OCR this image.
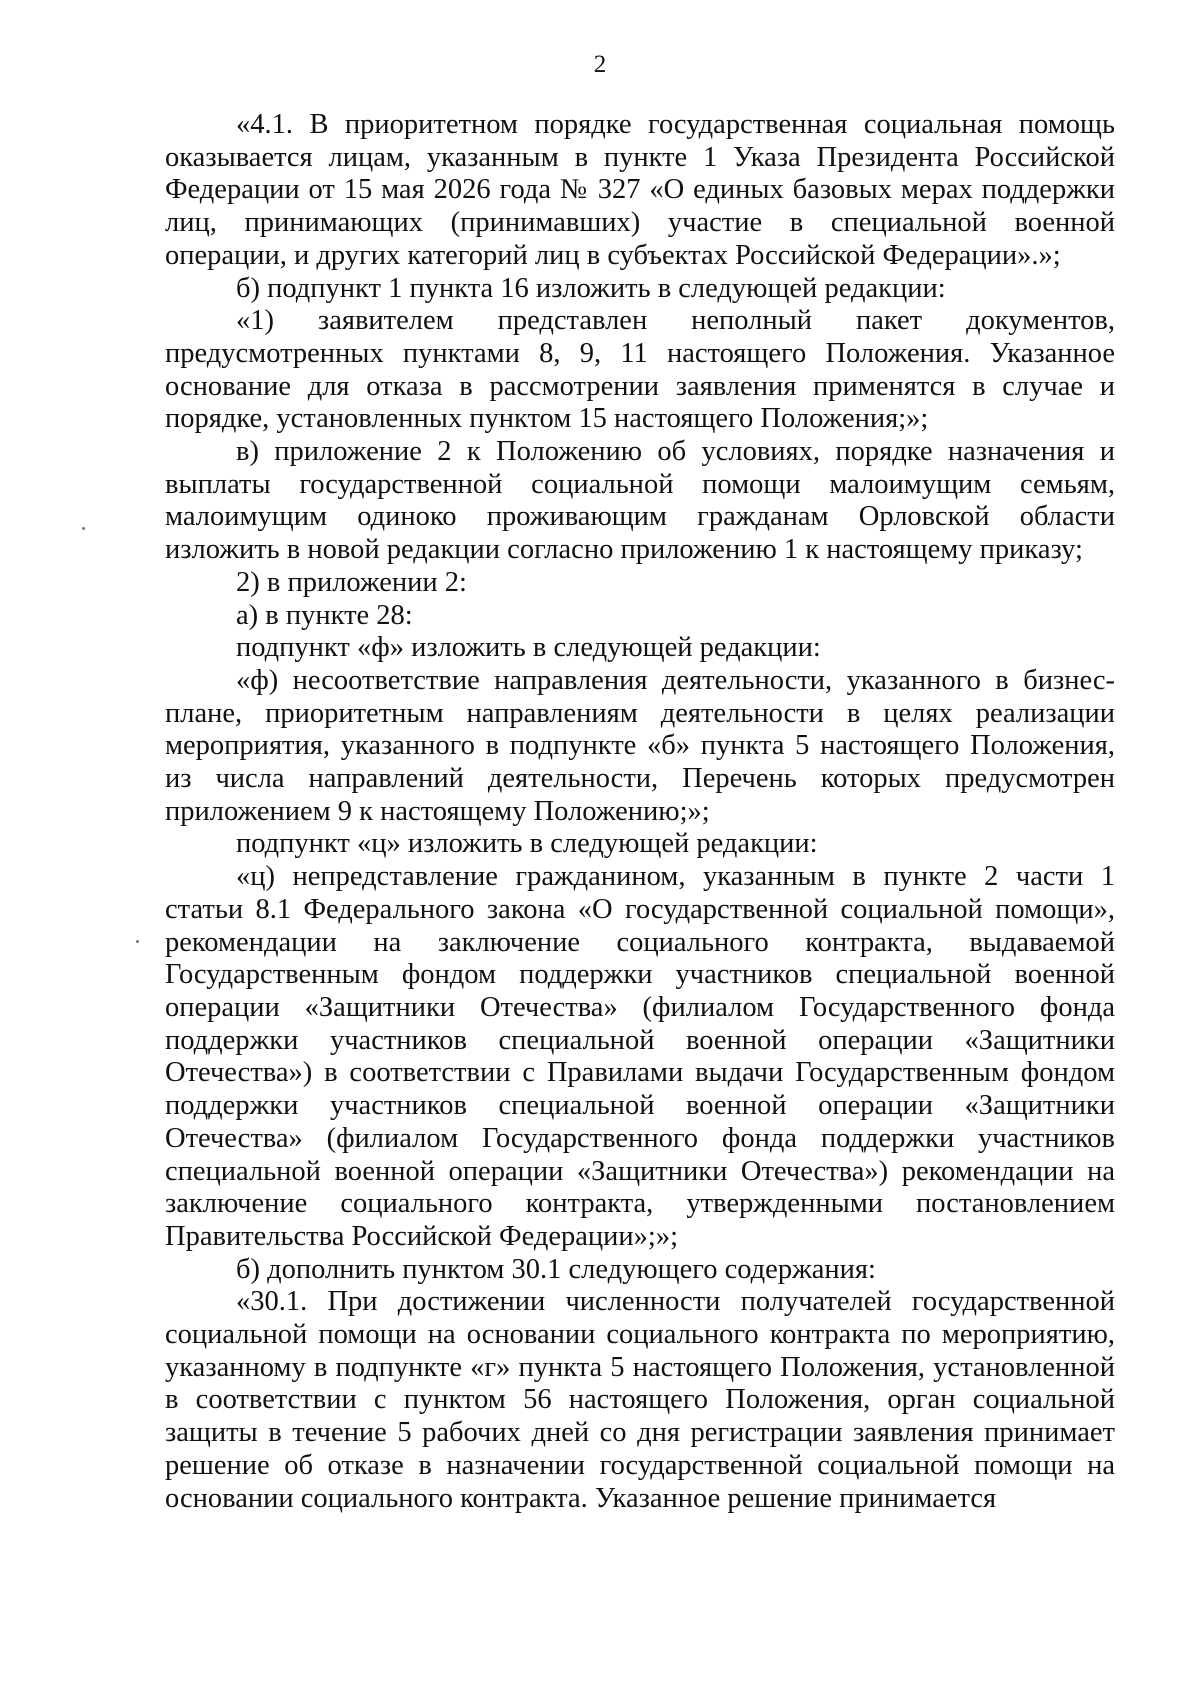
2

«4.1. В приоритетном порядке государственная социальная помощь оказывается лицам, указанным в пункте 1 Указа Президента Российской Федерации от 15 мая 2026 года № 327 «О единых базовых мерах поддержки лиц, принимающих (принимавших) участие в специальной военной операции, и других категорий лиц в субъектах Российской Федерации».»;

б) подпункт 1 пункта 16 изложить в следующей редакции:

«1) заявителем представлен неполный пакет документов, предусмотренных пунктами 8, 9, 11 настоящего Положения. Указанное основание для отказа в рассмотрении заявления применятся в случае и порядке, установленных пунктом 15 настоящего Положения;»;

в) приложение 2 к Положению об условиях, порядке назначения и выплаты государственной социальной помощи малоимущим семьям, малоимущим одиноко проживающим гражданам Орловской области изложить в новой редакции согласно приложению 1 к настоящему приказу;

2) в приложении 2:

а) в пункте 28:

подпункт «ф» изложить в следующей редакции:

«ф) несоответствие направления деятельности, указанного в бизнес-плане, приоритетным направлениям деятельности в целях реализации мероприятия, указанного в подпункте «б» пункта 5 настоящего Положения, из числа направлений деятельности, Перечень которых предусмотрен приложением 9 к настоящему Положению;»;

подпункт «ц» изложить в следующей редакции:

«ц) непредставление гражданином, указанным в пункте 2 части 1 статьи 8.1 Федерального закона «О государственной социальной помощи», рекомендации на заключение социального контракта, выдаваемой Государственным фондом поддержки участников специальной военной операции «Защитники Отечества» (филиалом Государственного фонда поддержки участников специальной военной операции «Защитники Отечества») в соответствии с Правилами выдачи Государственным фондом поддержки участников специальной военной операции «Защитники Отечества» (филиалом Государственного фонда поддержки участников специальной военной операции «Защитники Отечества») рекомендации на заключение социального контракта, утвержденными постановлением Правительства Российской Федерации»;»;

б) дополнить пунктом 30.1 следующего содержания:

«30.1. При достижении численности получателей государственной социальной помощи на основании социального контракта по мероприятию, указанному в подпункте «г» пункта 5 настоящего Положения, установленной в соответствии с пунктом 56 настоящего Положения, орган социальной защиты в течение 5 рабочих дней со дня регистрации заявления принимает решение об отказе в назначении государственной социальной помощи на основании социального контракта. Указанное решение принимается
